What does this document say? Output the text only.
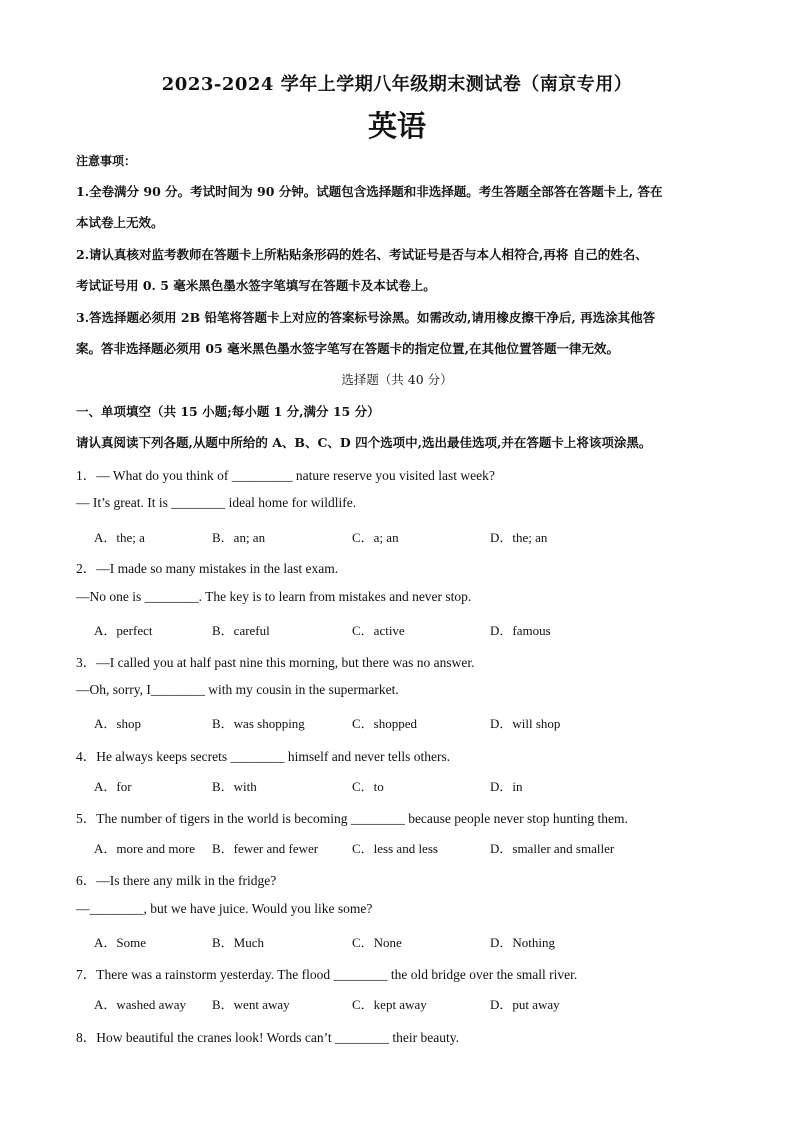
2023-2024 学年上学期八年级期末测试卷（南京专用）
英语
注意事项：
1.全卷满分 90 分。考试时间为 90 分钟。试题包含选择题和非选择题。考生答题全部答在答题卡上, 答在
本试卷上无效。
2.请认真核对监考教师在答题卡上所粘贴条形码的姓名、考试证号是否与本人相符合,再将 自己的姓名、
考试证号用 0. 5 毫米黑色墨水签字笔填写在答题卡及本试卷上。
3.答选择题必须用 2B 铅笔将答题卡上对应的答案标号涂黑。如需改动,请用橡皮擦干净后, 再选涂其他答
案。答非选择题必须用 05 毫米黑色墨水签字笔写在答题卡的指定位置,在其他位置答题一律无效。
选择题（共 40 分）
一、单项填空（共 15 小题;每小题 1 分,满分 15 分）
请认真阅读下列各题,从题中所给的 A、B、C、D 四个选项中,选出最佳选项,并在答题卡上将该项涂黑。
1．— What do you think of _________ nature reserve you visited last week?
— It’s great. It is ________ ideal home for wildlife.
A．the; a	B．an; an	C．a; an	D．the; an
2．—I made so many mistakes in the last exam.
—No one is ________. The key is to learn from mistakes and never stop.
A．perfect	B．careful	C．active	D．famous
3．—I called you at half past nine this morning, but there was no answer.
—Oh, sorry, I________ with my cousin in the supermarket.
A．shop	B．was shopping	C．shopped	D．will shop
4．He always keeps secrets ________ himself and never tells others.
A．for	B．with	C．to	D．in
5．The number of tigers in the world is becoming ________ because people never stop hunting them.
A．more and more B．fewer and fewer	C．less and less	D．smaller and smaller
6．—Is there any milk in the fridge?
—________, but we have juice. Would you like some?
A．Some	B．Much	C．None	D．Nothing
7．There was a rainstorm yesterday. The flood ________ the old bridge over the small river.
A．washed away B．went away	C．kept away	D．put away
8．How beautiful the cranes look! Words can’t ________ their beauty.
